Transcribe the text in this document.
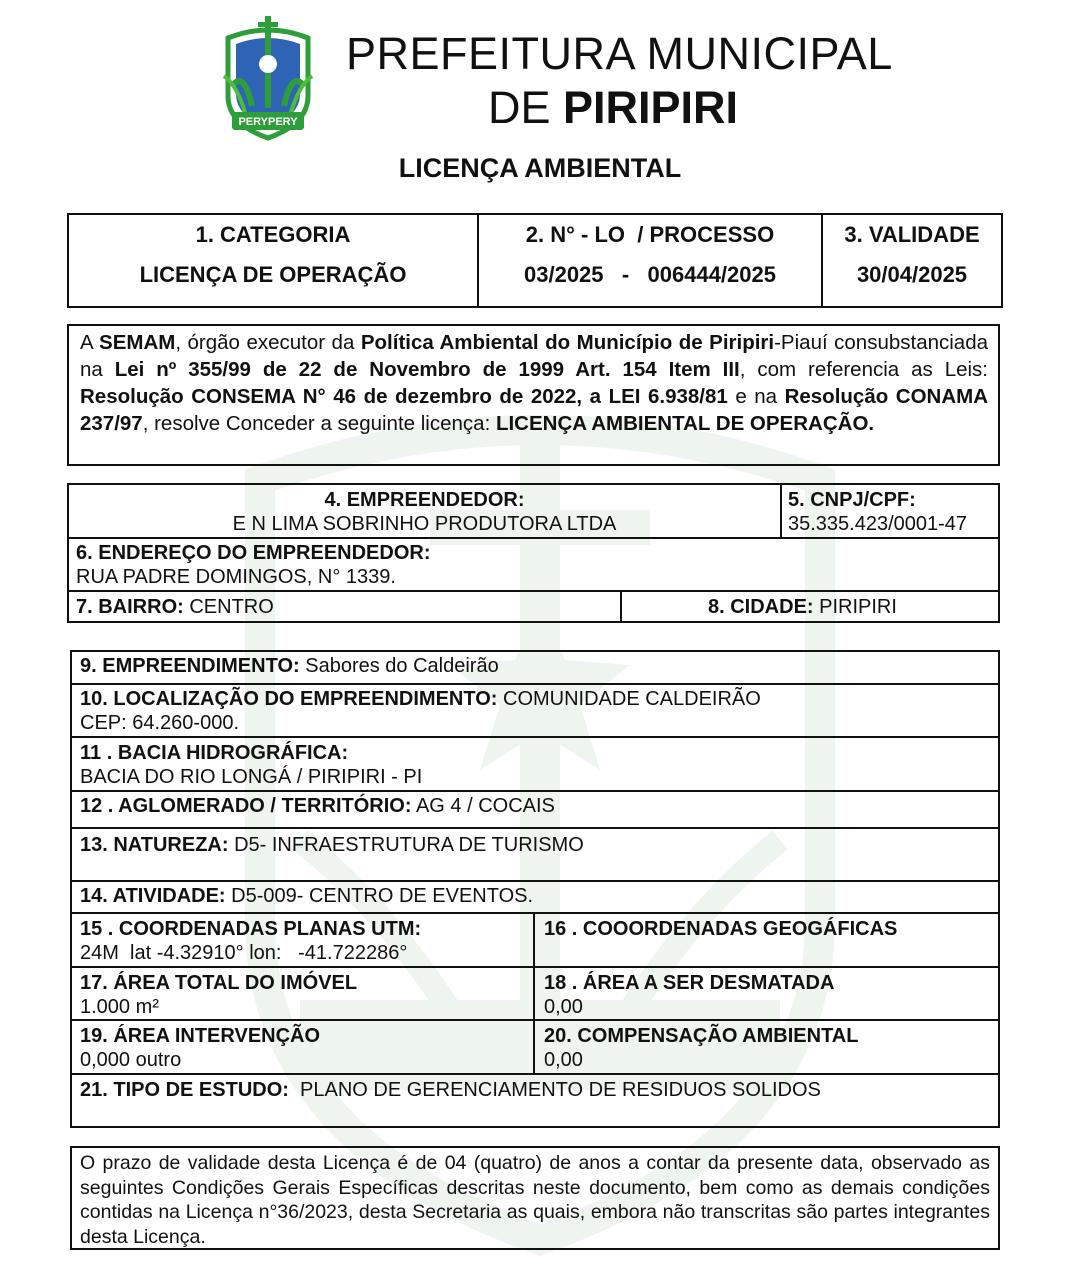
PERYPERY
PREFEITURA MUNICIPAL
DE PIRIPIRI
LICENÇA AMBIENTAL
1. CATEGORIA
LICENÇA DE OPERAÇÃO
2. N° - LO  / PROCESSO
03/2025   -   006444/2025
3. VALIDADE
30/04/2025
A SEMAM, órgão executor da Política Ambiental do Município de Piripiri-Piauí consubstanciada na Lei nº 355/99 de 22 de Novembro de 1999 Art. 154 Item III, com referencia as Leis: Resolução CONSEMA N° 46 de dezembro de 2022, a LEI 6.938/81 e na Resolução CONAMA 237/97, resolve Conceder a seguinte licença: LICENÇA AMBIENTAL DE OPERAÇÃO.
4. EMPREENDEDOR:
E N LIMA SOBRINHO PRODUTORA LTDA
5. CNPJ/CPF:
35.335.423/0001-47
6. ENDEREÇO DO EMPREENDEDOR:
RUA PADRE DOMINGOS, N° 1339.
7. BAIRRO: CENTRO	8. CIDADE: PIRIPIRI
9. EMPREENDIMENTO: Sabores do Caldeirão
10. LOCALIZAÇÃO DO EMPREENDIMENTO: COMUNIDADE CALDEIRÃO
CEP: 64.260-000.
11 . BACIA HIDROGRÁFICA:
BACIA DO RIO LONGÁ / PIRIPIRI - PI
12 . AGLOMERADO / TERRITÓRIO: AG 4 / COCAIS
13. NATUREZA: D5- INFRAESTRUTURA DE TURISMO
14. ATIVIDADE: D5-009- CENTRO DE EVENTOS.
15 . COORDENADAS PLANAS UTM:
24M  lat -4.32910° lon:   -41.722286°
16 . COOORDENADAS GEOGÁFICAS
17. ÁREA TOTAL DO IMÓVEL
1.000 m²
18 . ÁREA A SER DESMATADA
0,00
19. ÁREA INTERVENÇÃO
0,000 outro
20. COMPENSAÇÃO AMBIENTAL
0,00
21. TIPO DE ESTUDO:  PLANO DE GERENCIAMENTO DE RESIDUOS SOLIDOS
O prazo de validade desta Licença é de 04 (quatro) de anos a contar da presente data, observado as seguintes Condições Gerais Específicas descritas neste documento, bem como as demais condições contidas na Licença n°36/2023, desta Secretaria as quais, embora não transcritas são partes integrantes desta Licença.
